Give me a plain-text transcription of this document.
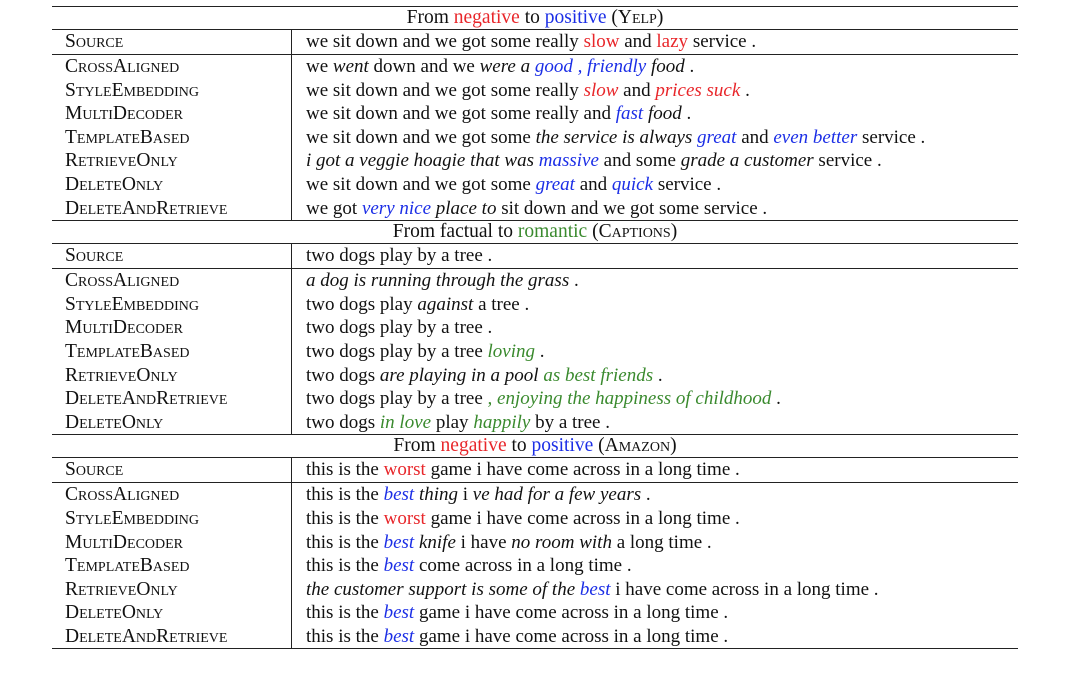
From negative to positive (Yelp)
Source	we sit down and we got some really slow and lazy service .
CrossAligned	we went down and we were a good , friendly food .
StyleEmbedding	we sit down and we got some really slow and prices suck .
MultiDecoder	we sit down and we got some really and fast food .
TemplateBased	we sit down and we got some the service is always great and even better service .
RetrieveOnly	i got a veggie hoagie that was massive and some grade a customer service .
DeleteOnly	we sit down and we got some great and quick service .
DeleteAndRetrieve	we got very nice place to sit down and we got some service .
From factual to romantic (Captions)
Source	two dogs play by a tree .
CrossAligned	a dog is running through the grass .
StyleEmbedding	two dogs play against a tree .
MultiDecoder	two dogs play by a tree .
TemplateBased	two dogs play by a tree loving .
RetrieveOnly	two dogs are playing in a pool as best friends .
DeleteAndRetrieve	two dogs play by a tree , enjoying the happiness of childhood .
DeleteOnly	two dogs in love play happily by a tree .
From negative to positive (Amazon)
Source	this is the worst game i have come across in a long time .
CrossAligned	this is the best thing i ve had for a few years .
StyleEmbedding	this is the worst game i have come across in a long time .
MultiDecoder	this is the best knife i have no room with a long time .
TemplateBased	this is the best come across in a long time .
RetrieveOnly	the customer support is some of the best i have come across in a long time .
DeleteOnly	this is the best game i have come across in a long time .
DeleteAndRetrieve	this is the best game i have come across in a long time .
